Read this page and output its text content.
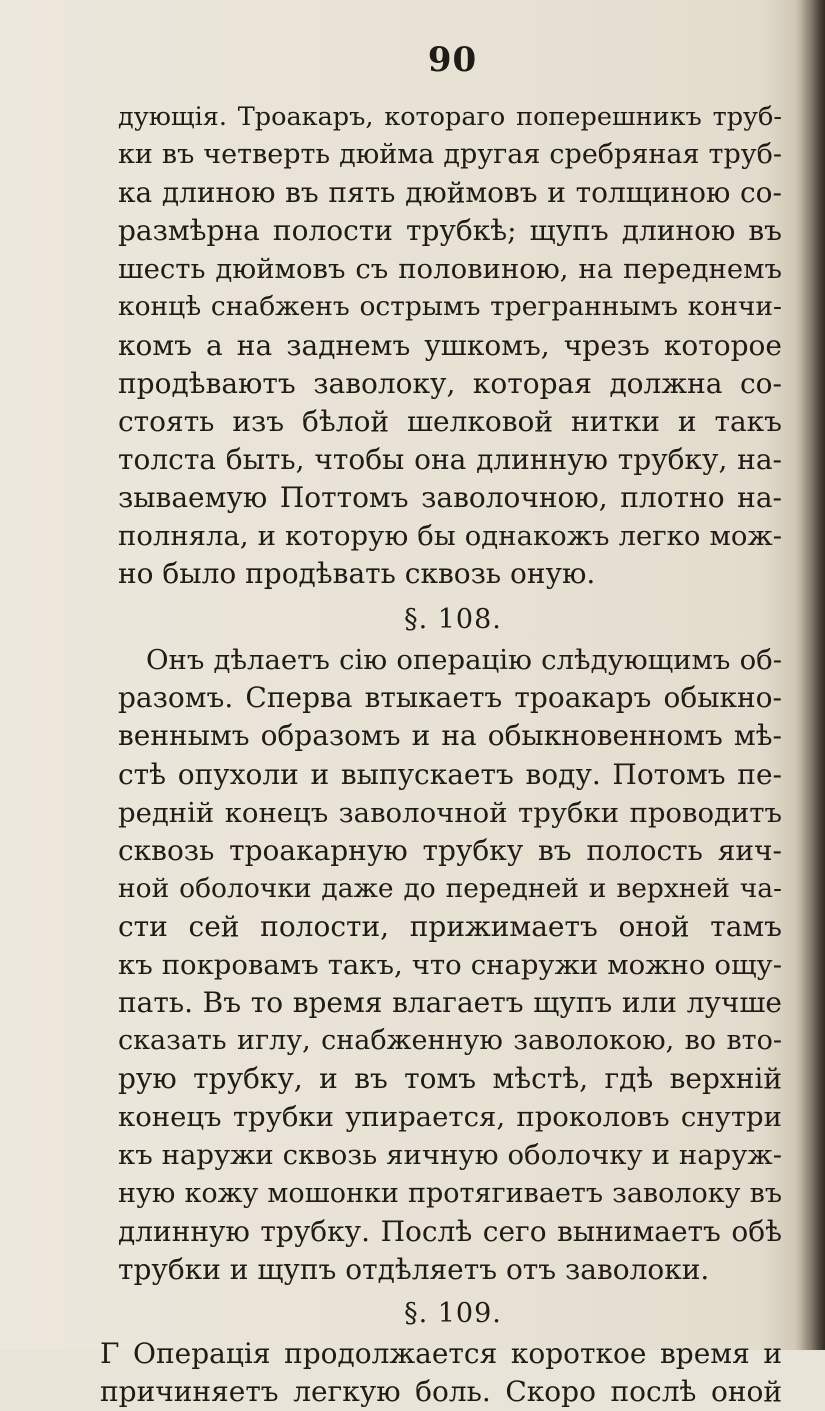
90
дующія. Троакаръ, котораго поперешникъ труб-
ки въ четверть дюйма другая сребряная труб-
ка длиною въ пять дюймовъ и толщиною со-
размѣрна полости трубкѣ; щупъ длиною въ
шесть дюймовъ съ половиною, на переднемъ
концѣ снабженъ острымъ треграннымъ кончи-
комъ а на заднемъ ушкомъ, чрезъ которое
продѣваютъ заволоку, которая должна со-
стоять изъ бѣлой шелковой нитки и такъ
толста быть, чтобы она длинную трубку, на-
зываемую Поттомъ заволочною, плотно на-
полняла, и которую бы однакожъ легко мож-
но было продѣвать сквозь оную.
§. 108.
Онъ дѣлаетъ сію операцію слѣдующимъ об-
разомъ. Сперва втыкаетъ троакаръ обыкно-
веннымъ образомъ и на обыкновенномъ мѣ-
стѣ опухоли и выпускаетъ воду. Потомъ пе-
редній конецъ заволочной трубки проводитъ
сквозь троакарную трубку въ полость яич-
ной оболочки даже до передней и верхней ча-
сти сей полости, прижимаетъ оной тамъ
къ покровамъ такъ, что снаружи можно ощу-
пать. Въ то время влагаетъ щупъ или лучше
сказать иглу, снабженную заволокою, во вто-
рую трубку, и въ томъ мѣстѣ, гдѣ верхній
конецъ трубки упирается, проколовъ снутри
къ наружи сквозь яичную оболочку и наруж-
ную кожу мошонки протягиваетъ заволоку въ
длинную трубку. Послѣ сего вынимаетъ обѣ
трубки и щупъ отдѣляетъ отъ заволоки.
§. 109.
Γ Операція продолжается короткое время и
причиняетъ легкую боль. Скоро послѣ оной
